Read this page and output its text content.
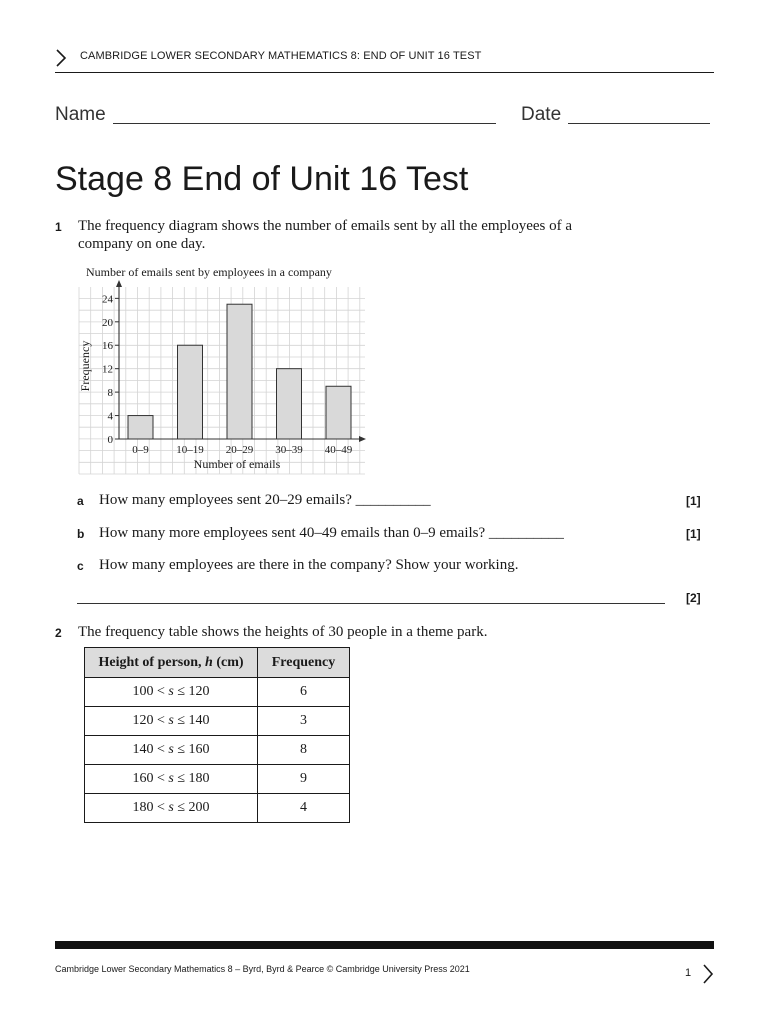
CAMBRIDGE LOWER SECONDARY MATHEMATICS 8: END OF UNIT 16 TEST
Name	Date
Stage 8 End of Unit 16 Test
1 The frequency diagram shows the number of emails sent by all the employees of a
company on one day.
0–9	10–19 20–29 30–39 40–49
0
4
8
12
16
20
24
Number of emails sent by employees in a company
Number of emails
Frequency
a How many employees sent 20–29 emails? __________	[1]
b How many more employees sent 40–49 emails than 0–9 emails? __________	[1]
c How many employees are there in the company? Show your working.
[2]
2 The frequency table shows the heights of 30 people in a theme park.
Height of person, h (cm)	Frequency
100 < s ≤ 120	6
120 < s ≤ 140	3
140 < s ≤ 160	8
160 < s ≤ 180	9
180 < s ≤ 200	4
Cambridge Lower Secondary Mathematics 8 – Byrd, Byrd & Pearce © Cambridge University Press 2021	1
